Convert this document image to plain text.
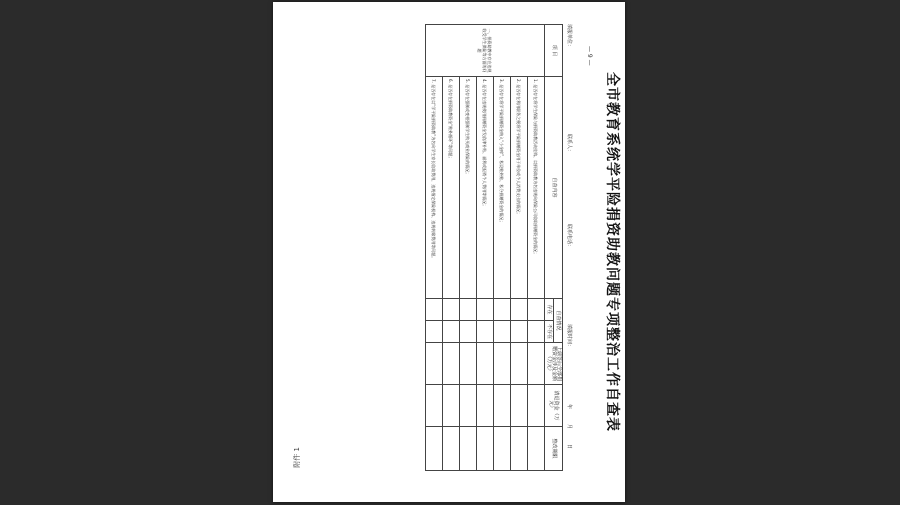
附件 1
全市教育系统学平险捐资助教问题专项整治工作自查表
— 9 —
填报单位：
联系人：
联系电话：
填报时间：
年
月
日
项 目	自查内容	自查情况		上调签后全部捐赠资金涉及金额（万元）	清退资金（万元）	整改期限
		存在	不存在			
一、捐资助教中存在违规收受学生保险等方面的问题	1. 是否存在将学生保险与捐资助教活动挂钩、以捐资助教为名违规向保险公司收取捐赠资金的情况；					
	2. 是否存在利用职务之便将学平险捐赠资金用于单位或个人消费支出的情况；					
	3. 是否存在将学平险捐赠资金纳入“小金库”、私设账外账、私分捐赠资金的情况；					
	4. 是否存在违规使用捐赠资金发放津补贴、福利或报销个人费用等情况；					
	5. 是否存在强制或变相强制学生购买商业保险的情况；					
	6. 是否存在捐资助教资金“账外循环”等问题；					
	7. 是否存在以“学平险捐资助教”为名向学生家长收取费用，违规指定保险机构、违规转嫁费用等问题。					
